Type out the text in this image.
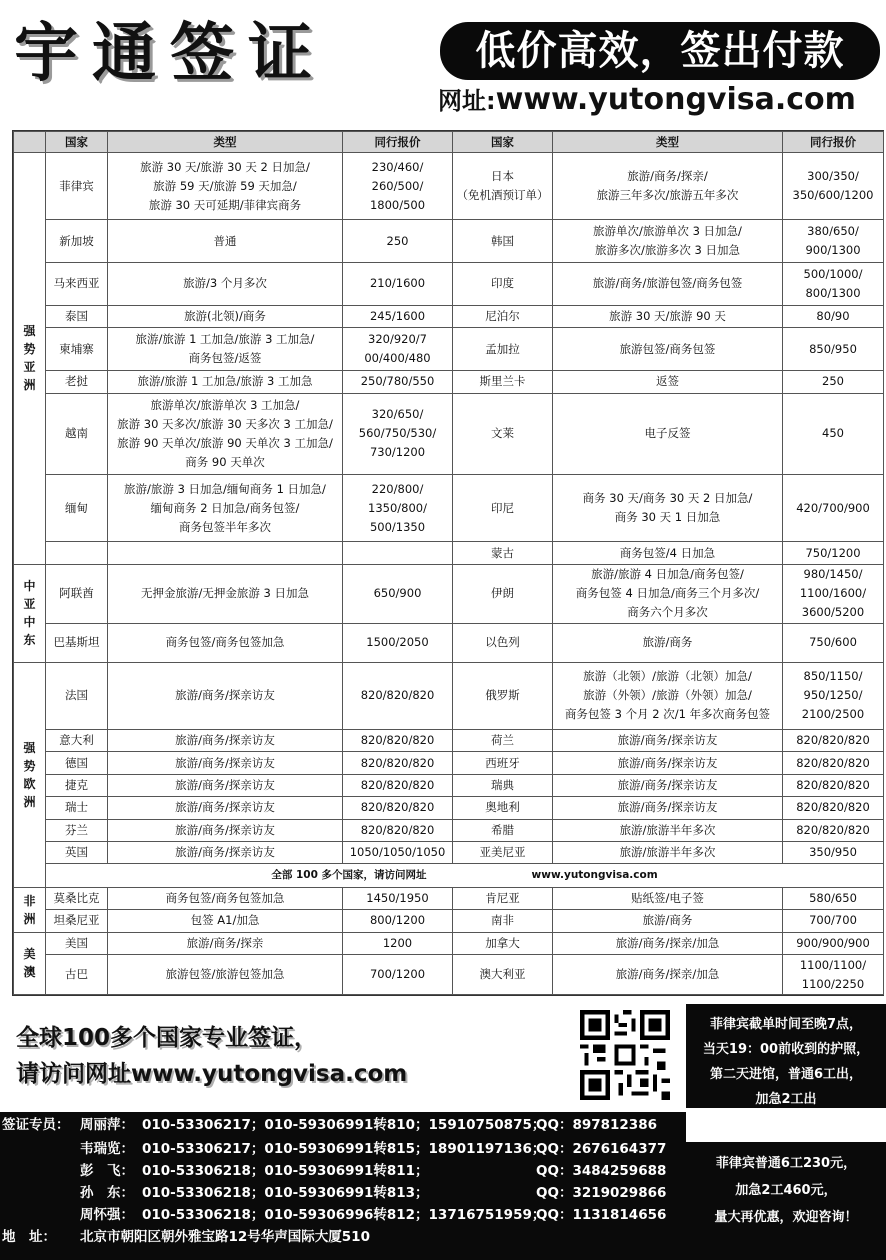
宇通签证	低价高效，签出付款
网址:www.yutongvisa.com
	国家	类型	同行报价	国家	类型	同行报价
强
势
亚
洲	菲律宾	旅游 30 天/旅游 30 天 2 日加急/
旅游 59 天/旅游 59 天加急/
旅游 30 天可延期/菲律宾商务	230/460/
260/500/
1800/500	日本
（免机酒预订单）	旅游/商务/探亲/
旅游三年多次/旅游五年多次	300/350/
350/600/1200
	新加坡	普通	250	韩国	旅游单次/旅游单次 3 日加急/
旅游多次/旅游多次 3 日加急	380/650/
900/1300
	马来西亚	旅游/3 个月多次	210/1600	印度	旅游/商务/旅游包签/商务包签	500/1000/
800/1300
	泰国	旅游(北领)/商务	245/1600	尼泊尔	旅游 30 天/旅游 90 天	80/90
	柬埔寨	旅游/旅游 1 工加急/旅游 3 工加急/
商务包签/返签	320/920/7
00/400/480	孟加拉	旅游包签/商务包签	850/950
	老挝	旅游/旅游 1 工加急/旅游 3 工加急	250/780/550	斯里兰卡	返签	250
	越南	旅游单次/旅游单次 3 工加急/
旅游 30 天多次/旅游 30 天多次 3 工加急/
旅游 90 天单次/旅游 90 天单次 3 工加急/
商务 90 天单次	320/650/
560/750/530/
730/1200	文莱	电子反签	450
	缅甸	旅游/旅游 3 日加急/缅甸商务 1 日加急/
缅甸商务 2 日加急/商务包签/
商务包签半年多次	220/800/
1350/800/
500/1350	印尼	商务 30 天/商务 30 天 2 日加急/
商务 30 天 1 日加急	420/700/900
				蒙古	商务包签/4 日加急	750/1200
中
亚
中
东	阿联酋	无押金旅游/无押金旅游 3 日加急	650/900	伊朗	旅游/旅游 4 日加急/商务包签/
商务包签 4 日加急/商务三个月多次/
商务六个月多次	980/1450/
1100/1600/
3600/5200
	巴基斯坦	商务包签/商务包签加急	1500/2050	以色列	旅游/商务	750/600
强
势
欧
洲	法国	旅游/商务/探亲访友	820/820/820	俄罗斯	旅游（北领）/旅游（北领）加急/
旅游（外领）/旅游（外领）加急/
商务包签 3 个月 2 次/1 年多次商务包签	850/1150/
950/1250/
2100/2500
	意大利	旅游/商务/探亲访友	820/820/820	荷兰	旅游/商务/探亲访友	820/820/820
	德国	旅游/商务/探亲访友	820/820/820	西班牙	旅游/商务/探亲访友	820/820/820
	捷克	旅游/商务/探亲访友	820/820/820	瑞典	旅游/商务/探亲访友	820/820/820
	瑞士	旅游/商务/探亲访友	820/820/820	奥地利	旅游/商务/探亲访友	820/820/820
	芬兰	旅游/商务/探亲访友	820/820/820	希腊	旅游/旅游半年多次	820/820/820
	英国	旅游/商务/探亲访友	1050/1050/1050	亚美尼亚	旅游/旅游半年多次	350/950
	全部 100 多个国家，请访问网址　　　　　　　　　　www.yutongvisa.com					
非
洲	莫桑比克	商务包签/商务包签加急	1450/1950	肯尼亚	贴纸签/电子签	580/650
	坦桑尼亚	包签 A1/加急	800/1200	南非	旅游/商务	700/700
美
澳	美国	旅游/商务/探亲	1200	加拿大	旅游/商务/探亲/加急	900/900/900
	古巴	旅游包签/旅游包签加急	700/1200	澳大利亚	旅游/商务/探亲/加急	1100/1100/
1100/2250
全球100多个国家专业签证，
请访问网址www.yutongvisa.com
菲律宾截单时间至晚7点，
当天19：00前收到的护照，
第二天进馆，普通6工出，
加急2工出
签证专员： 周丽萍： 010-53306217；010-59306991转810；15910750875；
QQ：897812386
韦瑞览： 010-53306217；010-59306991转815；18901197136；
QQ：2676164377
彭　飞： 010-53306218；010-59306991转811；	QQ：3484259688
孙　东： 010-53306218；010-59306991转813；	QQ：3219029866
周怀强： 010-53306218；010-59306996转812；13716751959；
QQ：1131814656
地　址： 北京市朝阳区朝外雅宝路12号华声国际大厦510
菲律宾普通6工230元，
加急2工460元，
量大再优惠，欢迎咨询！
